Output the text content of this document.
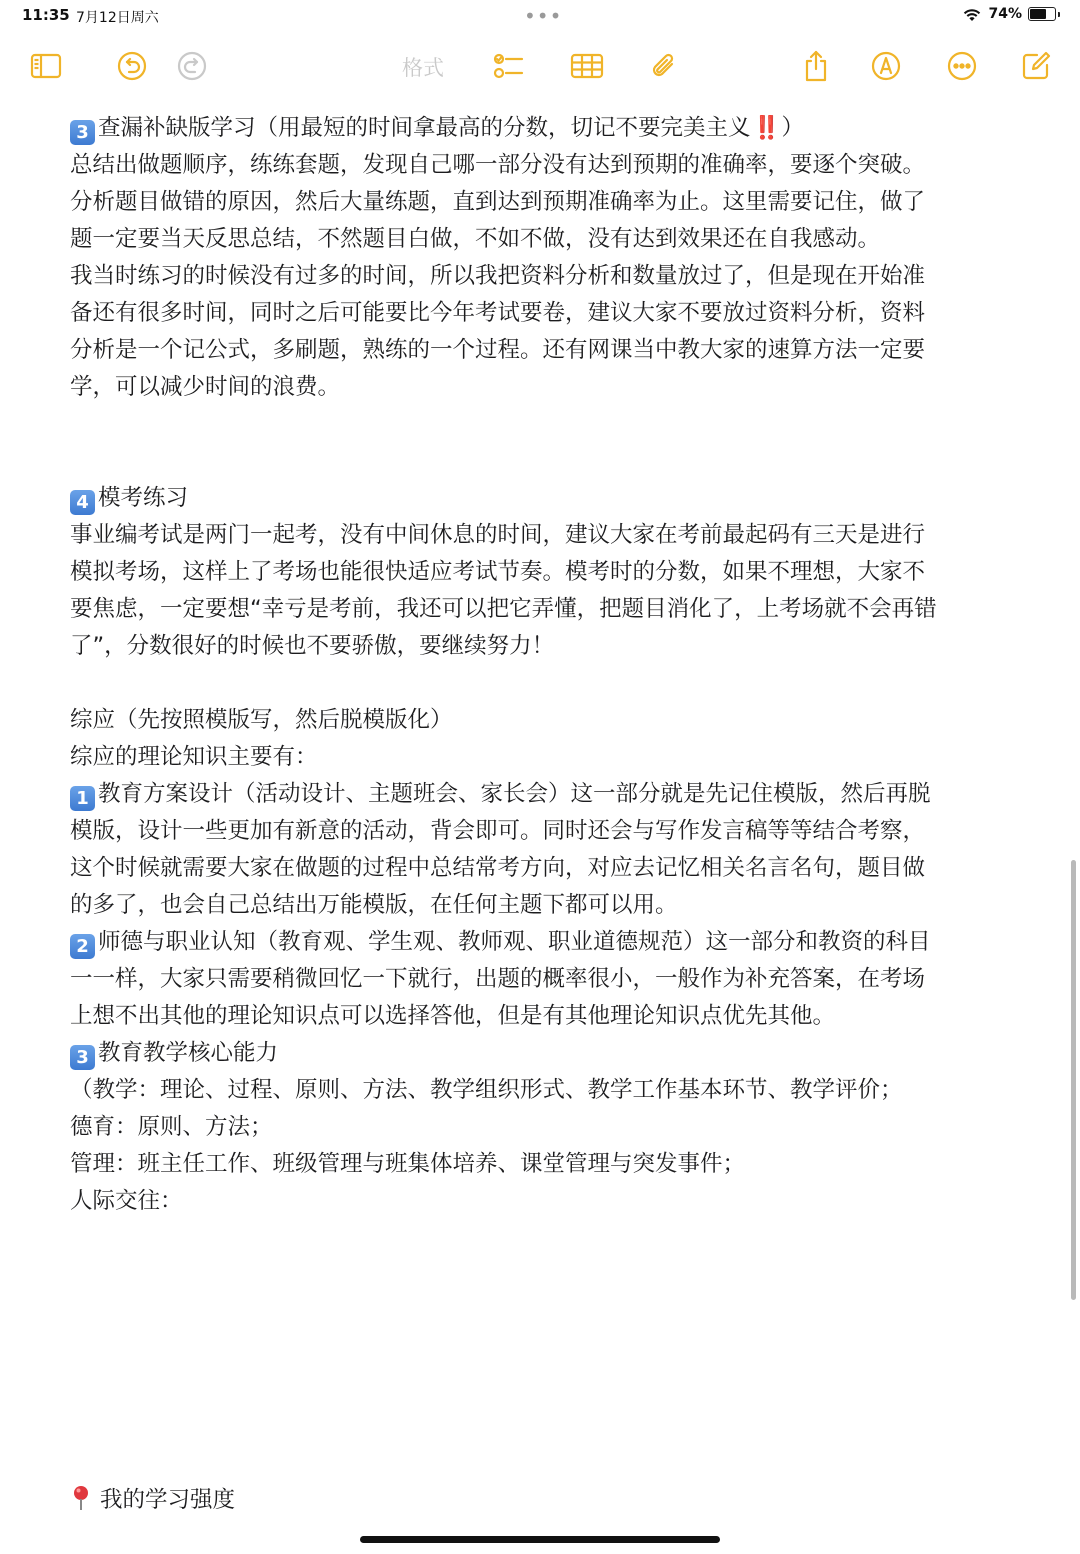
11:35 7月12日周六	•••	74%
格式

3 查漏补缺版学习（用最短的时间拿最高的分数，切记不要完美主义‼️ ）

总结出做题顺序，练练套题，发现自己哪一部分没有达到预期的准确率，要逐个突破。

分析题目做错的原因，然后大量练题，直到达到预期准确率为止。这里需要记住，做了

题一定要当天反思总结，不然题目白做，不如不做，没有达到效果还在自我感动。

我当时练习的时候没有过多的时间，所以我把资料分析和数量放过了，但是现在开始准

备还有很多时间，同时之后可能要比今年考试要卷，建议大家不要放过资料分析，资料

分析是一个记公式，多刷题，熟练的一个过程。还有网课当中教大家的速算方法一定要

学，可以减少时间的浪费。

4 模考练习

事业编考试是两门一起考，没有中间休息的时间，建议大家在考前最起码有三天是进行

模拟考场，这样上了考场也能很快适应考试节奏。模考时的分数，如果不理想，大家不

要焦虑，一定要想“幸亏是考前，我还可以把它弄懂，把题目消化了，上考场就不会再错

了”，分数很好的时候也不要骄傲，要继续努力！

综应（先按照模版写，然后脱模版化）

综应的理论知识主要有：

1 教育方案设计（活动设计、主题班会、家长会）这一部分就是先记住模版，然后再脱

模版，设计一些更加有新意的活动，背会即可。同时还会与写作发言稿等等结合考察，

这个时候就需要大家在做题的过程中总结常考方向，对应去记忆相关名言名句，题目做

的多了，也会自己总结出万能模版，在任何主题下都可以用。

2 师德与职业认知（教育观、学生观、教师观、职业道德规范）这一部分和教资的科目

一一样，大家只需要稍微回忆一下就行，出题的概率很小，一般作为补充答案，在考场

上想不出其他的理论知识点可以选择答他，但是有其他理论知识点优先其他。

3 教育教学核心能力

（教学：理论、过程、原则、方法、教学组织形式、教学工作基本环节、教学评价；

德育：原则、方法；

管理：班主任工作、班级管理与班集体培养、课堂管理与突发事件；

人际交往：

我的学习强度
